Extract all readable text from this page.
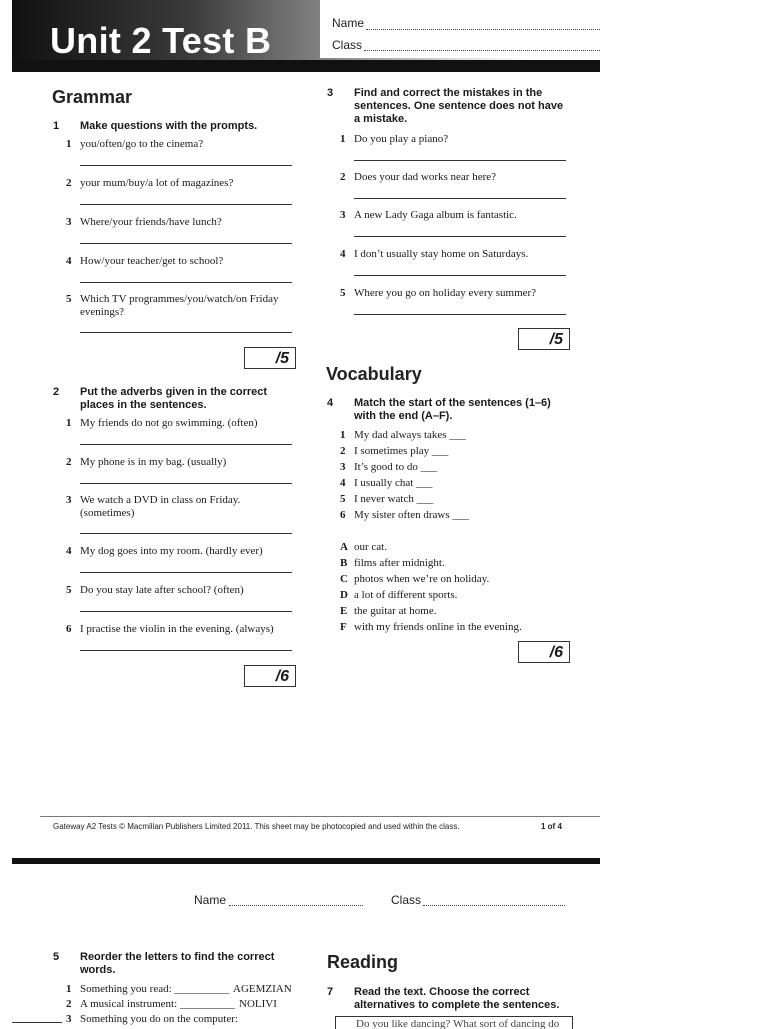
Unit 2 Test B	Name
Class
Grammar
1 Make questions with the prompts.
1 you/often/go to the cinema?
2 your mum/buy/a lot of magazines?
3 Where/your friends/have lunch?
4 How/your teacher/get to school?
5 Which TV programmes/you/watch/on Friday
evenings?
/5
2 Put the adverbs given in the correct
places in the sentences.
1 My friends do not go swimming. (often)
2 My phone is in my bag. (usually)
3 We watch a DVD in class on Friday.
(sometimes)
4 My dog goes into my room. (hardly ever)
5 Do you stay late after school? (often)
6 I practise the violin in the evening. (always)
/6
3 Find and correct the mistakes in the
sentences. One sentence does not have
a mistake.
1 Do you play a piano?
2 Does your dad works near here?
3 A new Lady Gaga album is fantastic.
4 I don’t usually stay home on Saturdays.
5 Where you go on holiday every summer?
/5
Vocabulary
4 Match the start of the sentences (1–6)
with the end (A–F).
1 My dad always takes ___
2 I sometimes play ___
3 It’s good to do ___
4 I usually chat ___
5 I never watch ___
6 My sister often draws ___
A our cat.
B films after midnight.
C photos when we’re on holiday.
D a lot of different sports.
E the guitar at home.
F with my friends online in the evening.
/6
Gateway A2 Tests © Macmillan Publishers Limited 2011. This sheet may be photocopied and used within the class.	1 of 4
Name	Class
5 Reorder the letters to find the correct
words.
1 Something you read: __________ AGEMZIAN
2 A musical instrument: __________ NOLIVI
3 Something you do on the computer:
Reading
7 Read the text. Choose the correct
alternatives to complete the sentences.
Do you like dancing? What sort of dancing do
